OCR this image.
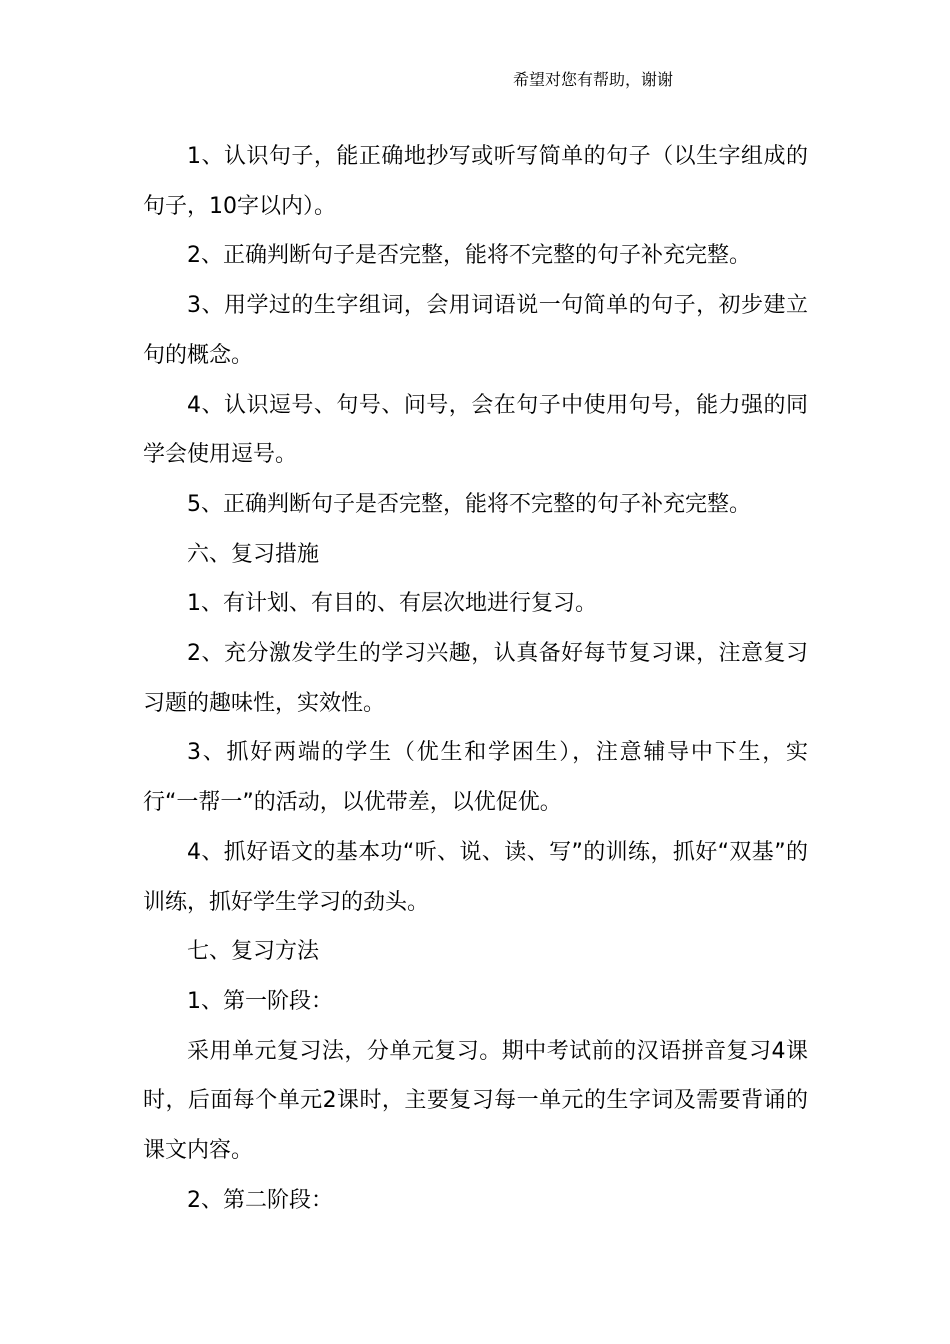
希望对您有帮助，谢谢

1、认识句子，能正确地抄写或听写简单的句子（以生字组成的句子，10字以内）。

2、正确判断句子是否完整，能将不完整的句子补充完整。

3、用学过的生字组词，会用词语说一句简单的句子，初步建立句的概念。

4、认识逗号、句号、问号，会在句子中使用句号，能力强的同学会使用逗号。

5、正确判断句子是否完整，能将不完整的句子补充完整。

六、复习措施

1、有计划、有目的、有层次地进行复习。

2、充分激发学生的学习兴趣，认真备好每节复习课，注意复习习题的趣味性，实效性。

3、抓好两端的学生（优生和学困生），注意辅导中下生，实行“一帮一”的活动，以优带差，以优促优。

4、抓好语文的基本功“听、说、读、写”的训练，抓好“双基”的训练，抓好学生学习的劲头。

七、复习方法

1、第一阶段：

采用单元复习法，分单元复习。期中考试前的汉语拼音复习4课时，后面每个单元2课时，主要复习每一单元的生字词及需要背诵的课文内容。

2、第二阶段：
